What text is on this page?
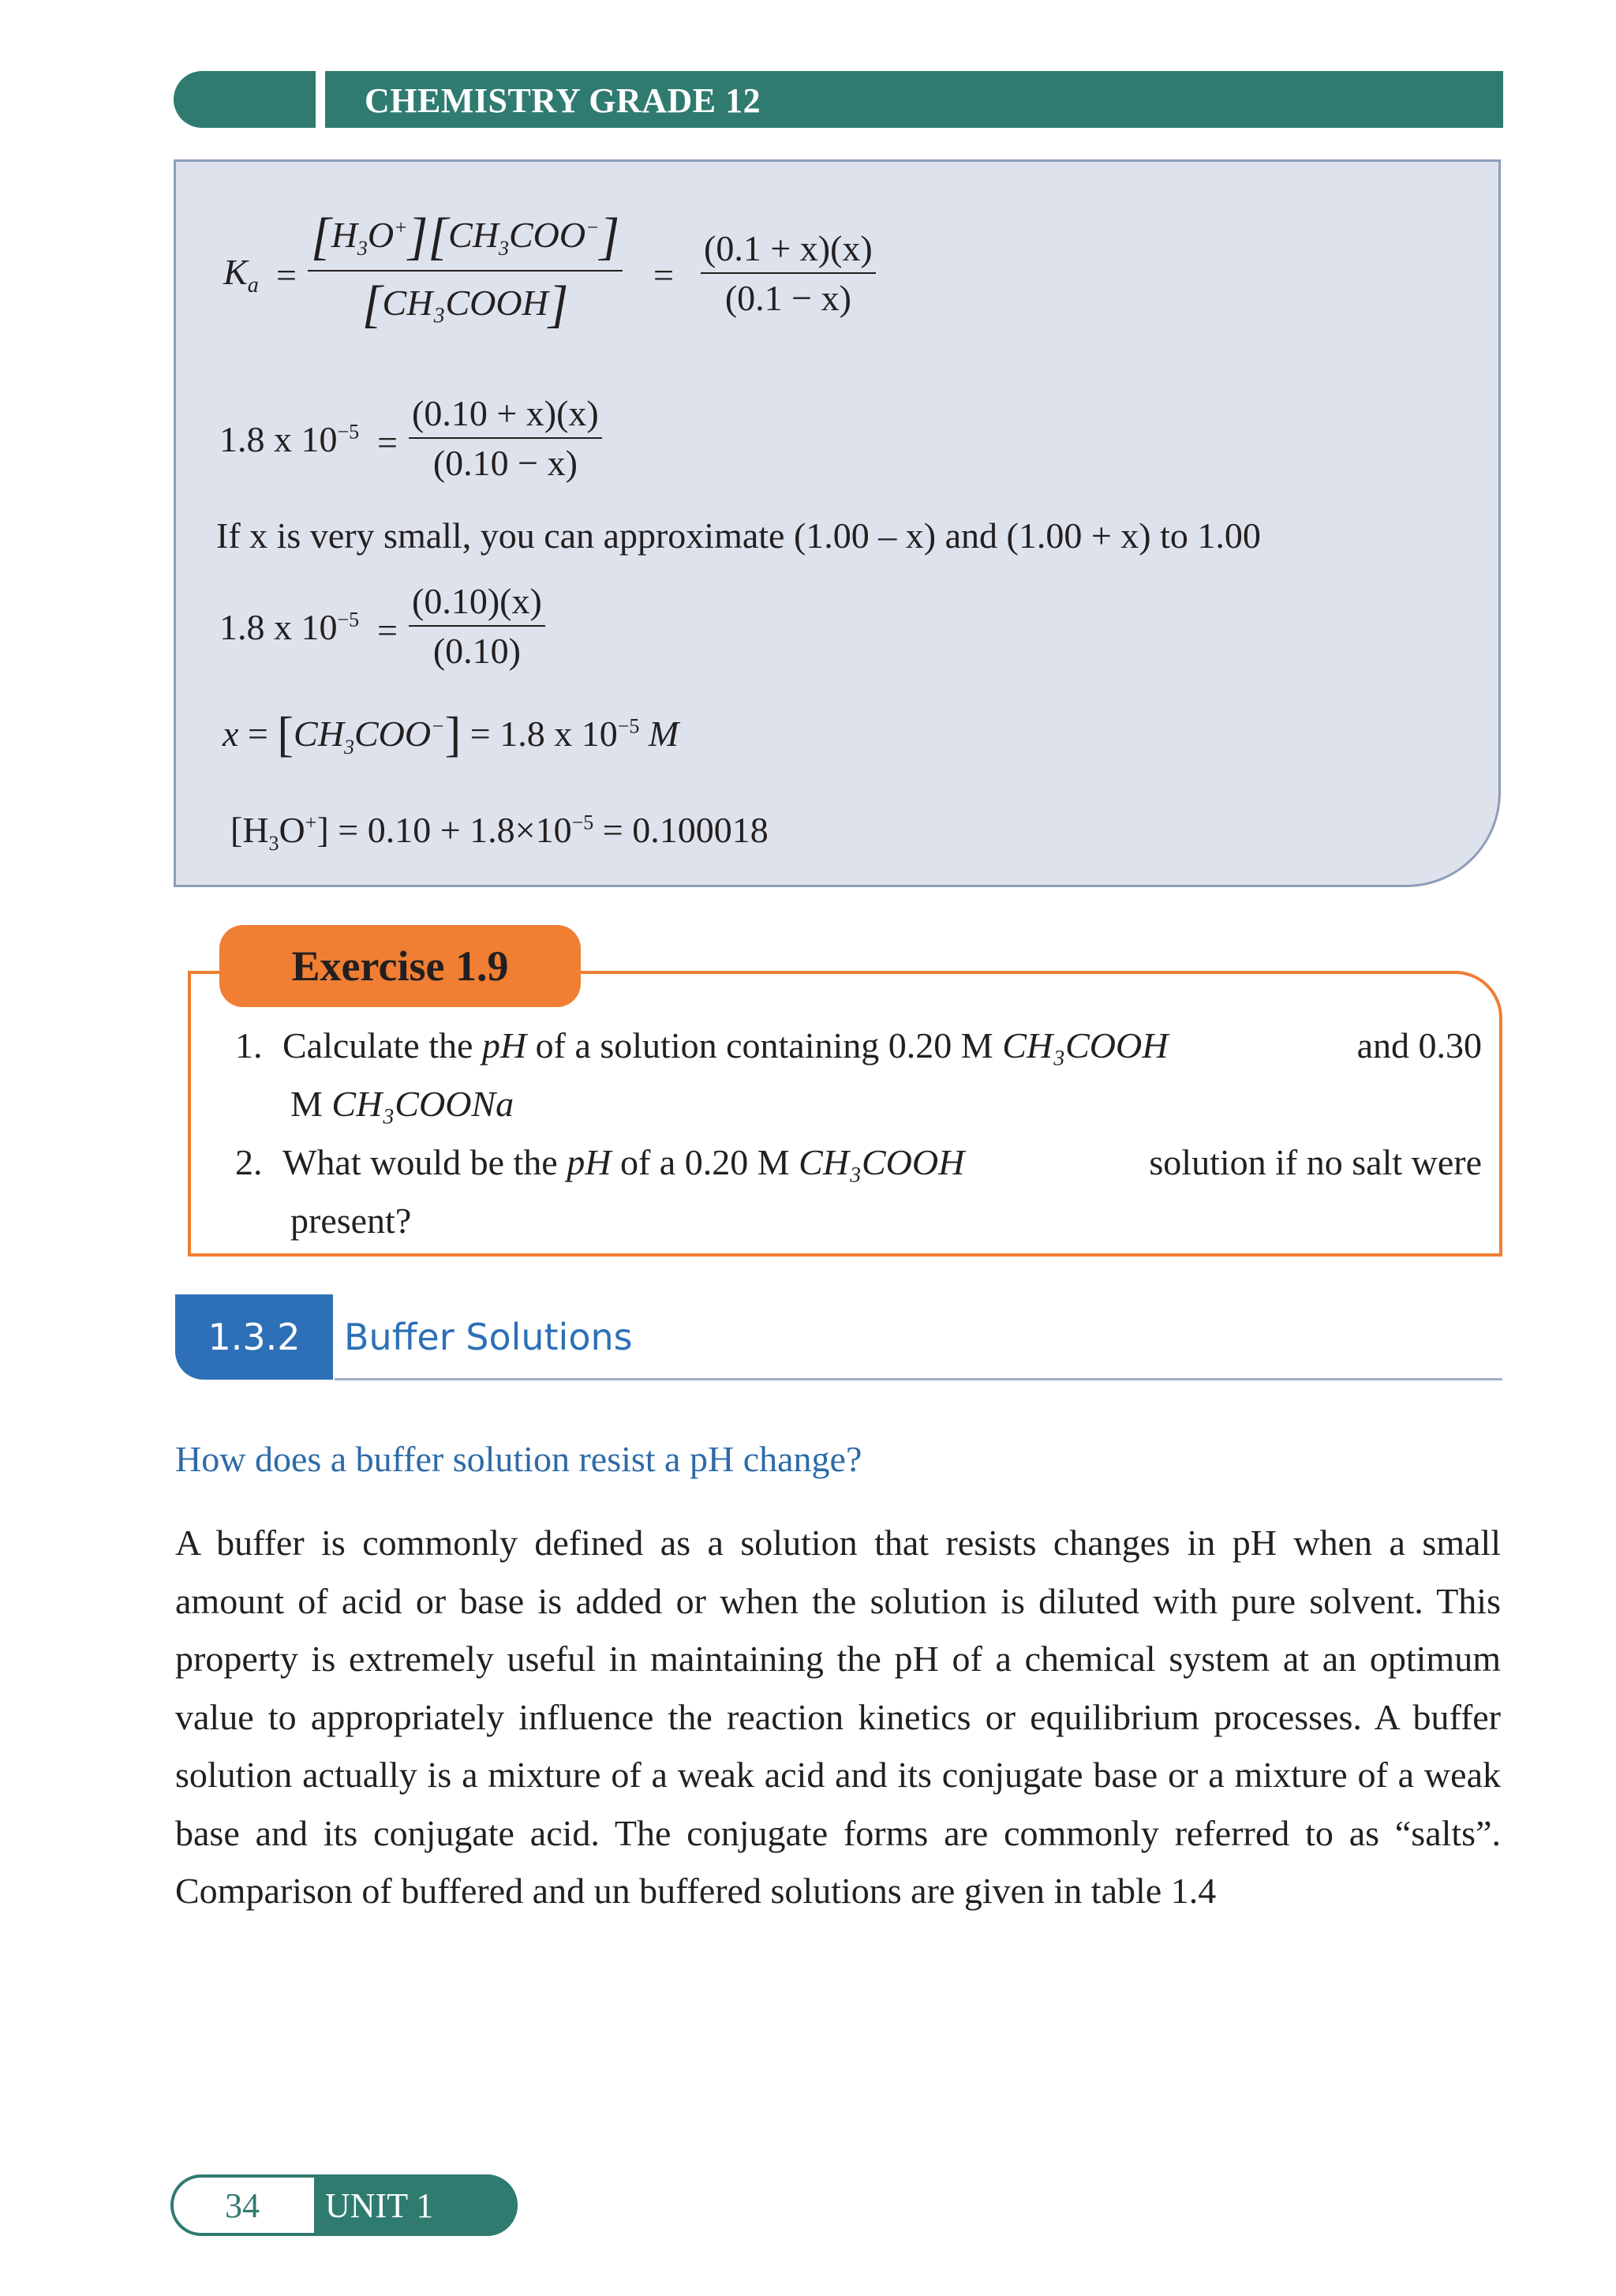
CHEMISTRY GRADE 12
$K_a$ =
$[H_3O^+][CH_3COO^-]$
[CH₃COOH]
= $\frac{(0.1 + x)(x)}{(0.1 - x)}$
1.8 x $10^{-5} = \frac{(0.10 + x)(x)}{(0.10 - x)}$
If x is very small, you can approximate (1.00 – x) and (1.00 + x) to 1.00
1.8 x $10^{-5} = \frac{(0.10)(x)}{(0.10)}$
$x = [CH_3COO^-] = 1.8$ x $10^{-5}$ M
$[H_3O^+] = 0.10 + 1.8\times 10^{-5} = 0.100018$
Exercise 1.9
1. Calculate the pH of a solution containing 0.20 M CH₃COOH	and 0.30
M CH₃COONa
2. What would be the pH of a 0.20 M CH₃COOH	solution if no salt were
present?
1.3.2	Buffer Solutions
How does a buffer solution resist a pH change?
A buffer is commonly defined as a solution that resists changes in pH when a small amount of acid or base is added or when the solution is diluted with pure solvent. This property is extremely useful in maintaining the pH of a chemical system at an optimum value to appropriately influence the reaction kinetics or equilibrium processes. A buffer solution actually is a mixture of a weak acid and its conjugate base or a mixture of a weak base and its conjugate acid. The conjugate forms are commonly referred to as “salts”. Comparison of buffered and un buffered solutions are given in table 1.4
34	UNIT 1
